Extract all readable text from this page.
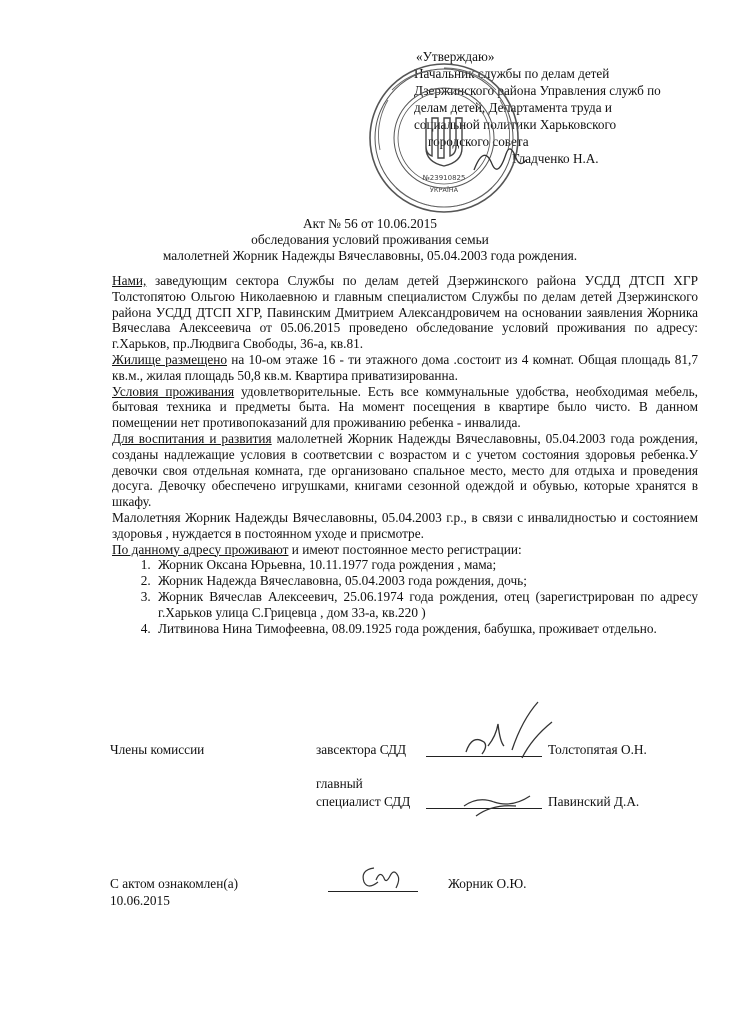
«Утверждаю»
Начальник службы по делам детей
Дзержинского района Управления служб по
делам детей, Департамента труда и
социальной политики Харьковского
городского совета
Гладченко Н.А.
№23910825
УКРАЇНА
Акт № 56 от 10.06.2015
обследования условий проживания семьи
малолетней Жорник Надежды Вячеславовны, 05.04.2003 года рождения.

Нами, заведующим сектора Службы по делам детей Дзержинского района УСДД ДТСП ХГР Толстопятою Ольгою Николаевною и главным специалистом Службы по делам детей Дзержинского района УСДД ДТСП ХГР, Павинским Дмитрием Александровичем на основании заявления Жорника Вячеслава Алексеевича от 05.06.2015 проведено обследование условий проживания по адресу: г.Харьков, пр.Людвига Свободы, 36-а, кв.81.

Жилище размещено на 10-ом этаже 16 - ти этажного дома .состоит из 4 комнат. Общая площадь 81,7 кв.м., жилая площадь 50,8 кв.м. Квартира приватизированна.

Условия проживания удовлетворительные. Есть все коммунальные удобства, необходимая мебель, бытовая техника и предметы быта. На момент посещения в квартире было чисто. В данном помещении нет противопоказаний для проживанию ребенка - инвалида.

Для воспитания и развития малолетней Жорник Надежды Вячеславовны, 05.04.2003 года рождения, созданы надлежащие условия в соответсвии с возрастом и с учетом состояния здоровья ребенка.У девочки своя отдельная комната, где организовано спальное место, место для отдыха и проведения досуга. Девочку обеспечено игрушками, книгами сезонной одеждой и обувью, которые хранятся в шкафу.

Малолетняя Жорник Надежды Вячеславовны, 05.04.2003 г.р., в связи с инвалидностью и состоянием здоровья , нуждается в постоянном уходе и присмотре.

По данному адресу проживают и имеют постоянное место регистрации:

1. Жорник Оксана Юрьевна, 10.11.1977 года рождения , мама;
2. Жорник Надежда Вячеславовна, 05.04.2003 года рождения, дочь;
3. Жорник Вячеслав Алексеевич, 25.06.1974 года рождения, отец (зарегистрирован по адресу г.Харьков улица С.Грицевца , дом 33-а, кв.220 )
4. Литвинова Нина Тимофеевна, 08.09.1925 года рождения, бабушка, проживает отдельно.
Члены комиссии	завсектора СДД	Толстопятая О.Н.
главный
специалист СДД	Павинский Д.А.
С актом ознакомлен(а)
10.06.2015
Жорник О.Ю.
